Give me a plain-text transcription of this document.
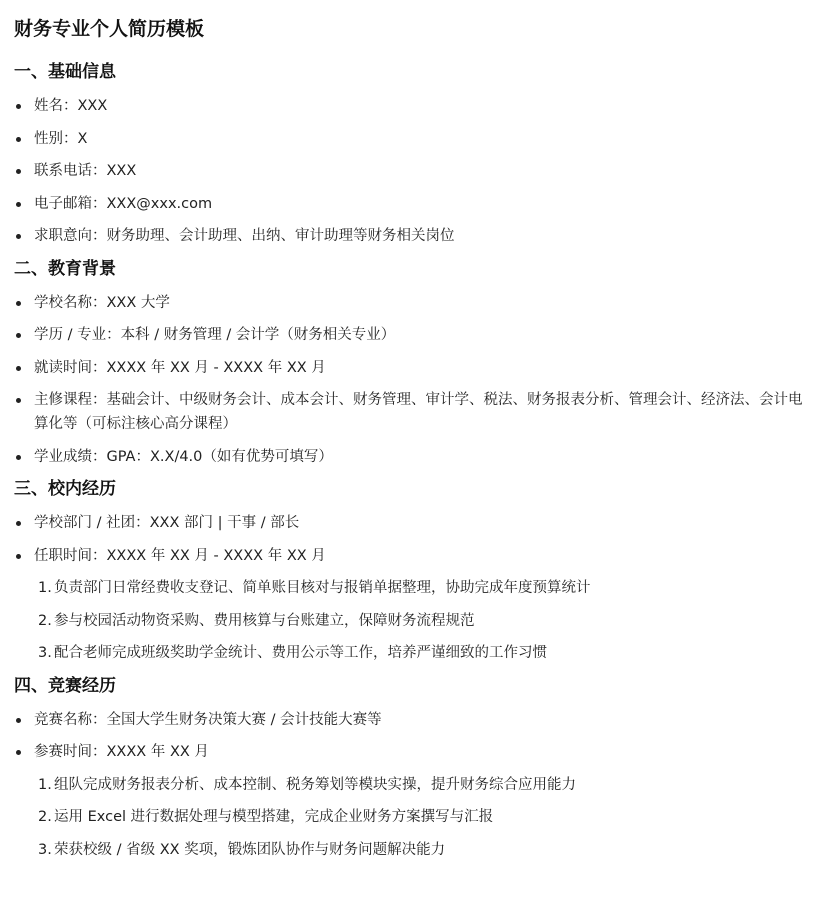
财务专业个人简历模板
一、基础信息
姓名：XXX
性别：X
联系电话：XXX
电子邮箱：XXX@xxx.com
求职意向：财务助理、会计助理、出纳、审计助理等财务相关岗位
二、教育背景
学校名称：XXX 大学
学历 / 专业：本科 / 财务管理 / 会计学（财务相关专业）
就读时间：XXXX 年 XX 月 - XXXX 年 XX 月
主修课程：基础会计、中级财务会计、成本会计、财务管理、审计学、税法、财务报表分析、管理会计、经济法、会计电算化等（可标注核心高分课程）
学业成绩：GPA：X.X/4.0（如有优势可填写）
三、校内经历
学校部门 / 社团：XXX 部门 | 干事 / 部长
任职时间：XXXX 年 XX 月 - XXXX 年 XX 月
1. 负责部门日常经费收支登记、简单账目核对与报销单据整理，协助完成年度预算统计
2. 参与校园活动物资采购、费用核算与台账建立，保障财务流程规范
3. 配合老师完成班级奖助学金统计、费用公示等工作，培养严谨细致的工作习惯
四、竞赛经历
竞赛名称：全国大学生财务决策大赛 / 会计技能大赛等
参赛时间：XXXX 年 XX 月
1. 组队完成财务报表分析、成本控制、税务筹划等模块实操，提升财务综合应用能力
2. 运用 Excel 进行数据处理与模型搭建，完成企业财务方案撰写与汇报
3. 荣获校级 / 省级 XX 奖项，锻炼团队协作与财务问题解决能力
